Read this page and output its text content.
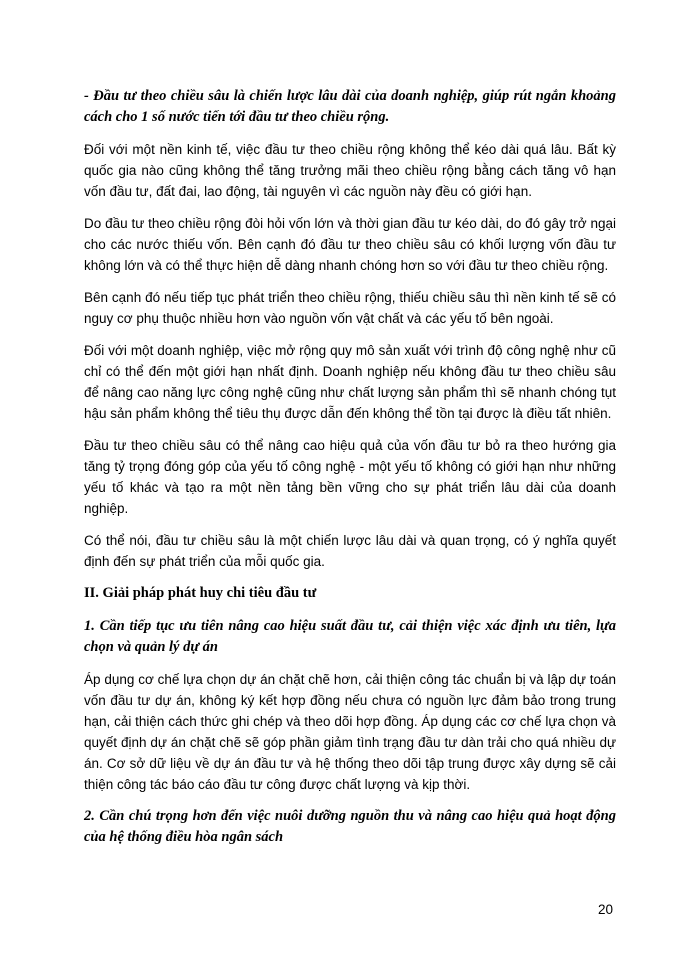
- Đầu tư theo chiều sâu là chiến lược lâu dài của doanh nghiệp, giúp rút ngắn khoảng cách cho 1 số nước tiến tới đầu tư theo chiều rộng.

Đối với một nền kinh tế, việc đầu tư theo chiều rộng không thể kéo dài quá lâu. Bất kỳ quốc gia nào cũng không thể tăng trưởng mãi theo chiều rộng bằng cách tăng vô hạn vốn đầu tư, đất đai, lao động, tài nguyên vì các nguồn này đều có giới hạn.

Do đầu tư theo chiều rộng đòi hỏi vốn lớn và thời gian đầu tư kéo dài, do đó gây trở ngại cho các nước thiếu vốn. Bên cạnh đó đầu tư theo chiều sâu có khối lượng vốn đầu tư không lớn và có thể thực hiện dễ dàng nhanh chóng hơn so với đầu tư theo chiều rộng.

Bên cạnh đó nếu tiếp tục phát triển theo chiều rộng, thiếu chiều sâu thì nền kinh tế sẽ có nguy cơ phụ thuộc nhiều hơn vào nguồn vốn vật chất và các yếu tố bên ngoài.

Đối với một doanh nghiệp, việc mở rộng quy mô sản xuất với trình độ công nghệ như cũ chỉ có thể đến một giới hạn nhất định. Doanh nghiệp nếu không đầu tư theo chiều sâu để nâng cao năng lực công nghệ cũng như chất lượng sản phẩm thì sẽ nhanh chóng tụt hậu sản phẩm không thể tiêu thụ được dẫn đến không thể tồn tại được là điều tất nhiên.

Đầu tư theo chiều sâu có thể nâng cao hiệu quả của vốn đầu tư bỏ ra theo hướng gia tăng tỷ trọng đóng góp của yếu tố công nghệ - một yếu tố không có giới hạn như những yếu tố khác và tạo ra một nền tảng bền vững cho sự phát triển lâu dài của doanh nghiệp.

Có thể nói, đầu tư chiều sâu là một chiến lược lâu dài và quan trọng, có ý nghĩa quyết định đến sự phát triển của mỗi quốc gia.

II. Giải pháp phát huy chi tiêu đầu tư

1. Cần tiếp tục ưu tiên nâng cao hiệu suất đầu tư, cải thiện việc xác định ưu tiên, lựa chọn và quản lý dự án

Áp dụng cơ chế lựa chọn dự án chặt chẽ hơn, cải thiện công tác chuẩn bị và lập dự toán vốn đầu tư dự án, không ký kết hợp đồng nếu chưa có nguồn lực đảm bảo trong trung hạn, cải thiện cách thức ghi chép và theo dõi hợp đồng. Áp dụng các cơ chế lựa chọn và quyết định dự án chặt chẽ sẽ góp phần giảm tình trạng đầu tư dàn trải cho quá nhiều dự án. Cơ sở dữ liệu về dự án đầu tư và hệ thống theo dõi tập trung được xây dựng sẽ cải thiện công tác báo cáo đầu tư công được chất lượng và kịp thời.

2. Cần chú trọng hơn đến việc nuôi dưỡng nguồn thu và nâng cao hiệu quả hoạt động của hệ thống điều hòa ngân sách

20
